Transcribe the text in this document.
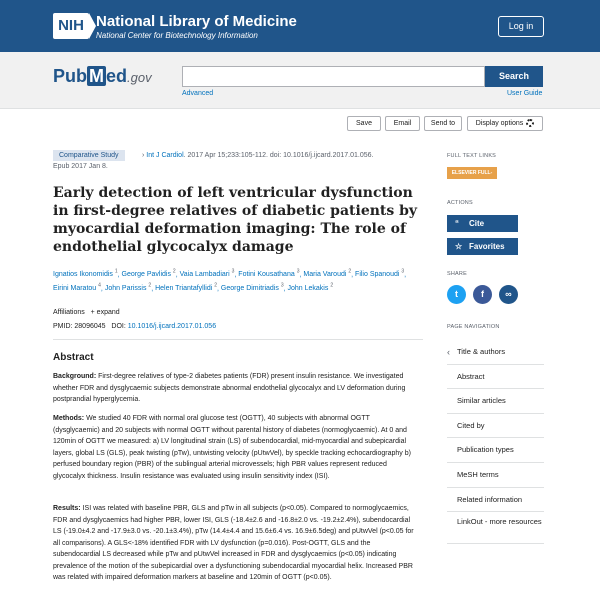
NIH National Library of Medicine
National Center for Biotechnology Information
Log in
Pub M ed.gov	Search
Advanced	User Guide
Save	Email	Send to	Display options
Comparative Study	› Int J Cardiol. 2017 Apr 15;233:105-112. doi: 10.1016/j.ijcard.2017.01.056.
Epub 2017 Jan 8.
Early detection of left ventricular dysfunction in first-degree relatives of diabetic patients by myocardial deformation imaging: The role of endothelial glycocalyx damage
Ignatios Ikonomidis $^1$, George Pavlidis $^2$, Vaia Lambadiari $^3$, Fotini Kousathana $^3$, Maria Varoudi $^2$, Filio Spanoudi $^3$, Eirini Maratou $^4$, John Parissis $^2$, Helen Triantafyllidi $^2$, George Dimitriadis $^3$, John Lekakis $^2$
Affiliations + expand
PMID: 28096045 DOI: 10.1016/j.ijcard.2017.01.056
Abstract

Background: First-degree relatives of type-2 diabetes patients (FDR) present insulin resistance. We investigated whether FDR and dysglycaemic subjects demonstrate abnormal endothelial glycocalyx and LV deformation during postprandial hyperglycemia.

Methods: We studied 40 FDR with normal oral glucose test (OGTT), 40 subjects with abnormal OGTT (dysglycaemic) and 20 subjects with normal OGTT without parental history of diabetes (normoglycaemic). At 0 and 120min of OGTT we measured: a) LV longitudinal strain (LS) of subendocardial, mid-myocardial and subepicardial layers, global LS (GLS), peak twisting (pTw), untwisting velocity (pUtwVel), by speckle tracking echocardiography b) perfused boundary region (PBR) of the sublingual arterial microvessels; high PBR values represent reduced glycocalyx thickness. Insulin resistance was evaluated using insulin sensitivity index (ISI).

Results: ISI was related with baseline PBR, GLS and pTw in all subjects (p<0.05). Compared to normoglycaemics, FDR and dysglycaemics had higher PBR, lower ISI, GLS (-18.4±2.6 and -16.8±2.0 vs. -19.2±2.4%), subendocardial LS (-19.0±4.2 and -17.9±3.0 vs. -20.1±3.4%), pTw (14.4±4.4 and 15.6±6.4 vs. 16.9±6.5deg) and pUtwVel (p<0.05 for all comparisons). A GLS<-18% identified FDR with LV dysfunction (p=0.016). Post-OGTT, GLS and the subendocardial LS decreased while pTw and pUtwVel increased in FDR and dysglycaemics (p<0.05) indicating prevalence of the motion of the subepicardial over a dysfunctioning subendocardial myocardial helix. Increased PBR was related with impaired deformation markers at baseline and 120min of OGTT (p<0.05).

FULL TEXT LINKS
ELSEVIER FULL-TEXT ARTICLE
ACTIONS
“ Cite
☆ Favorites
SHARE
t	f	∞
PAGE NAVIGATION
‹ Title & authors
Abstract
Similar articles
Cited by
Publication types
MeSH terms
Related information
LinkOut - more resources
